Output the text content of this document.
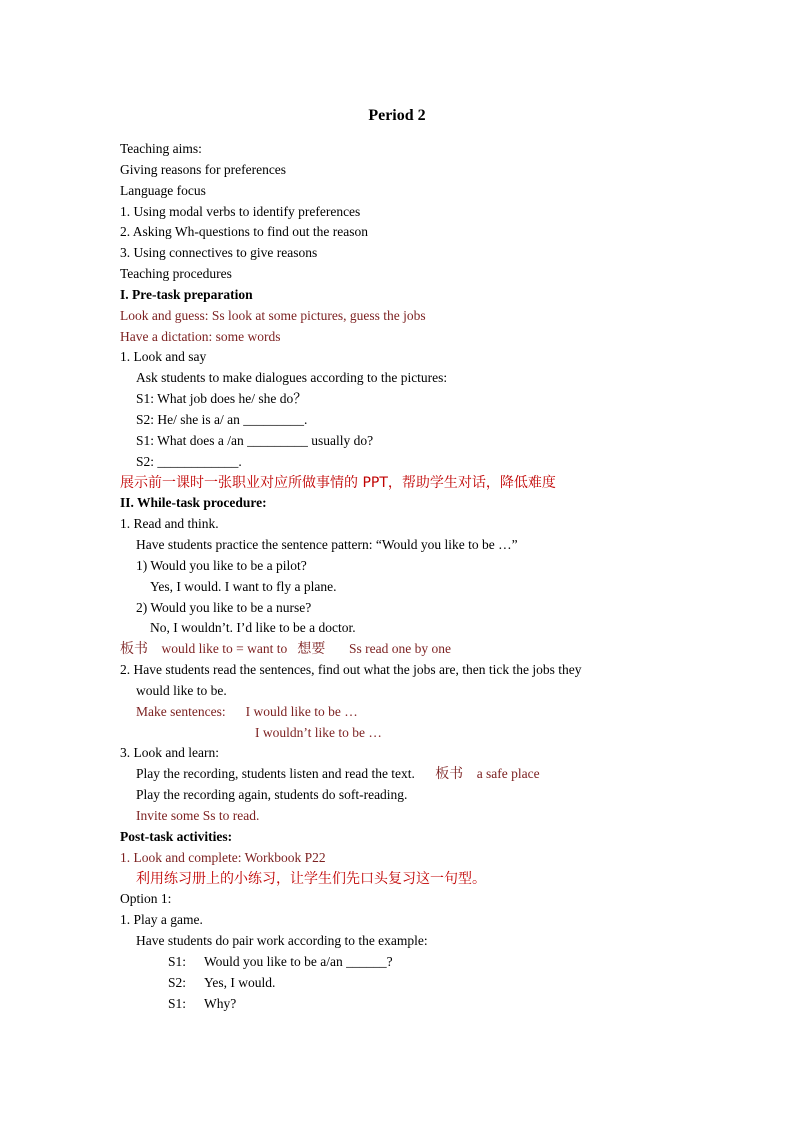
Period 2
Teaching aims:
Giving reasons for preferences
Language focus
1. Using modal verbs to identify preferences
2. Asking Wh-questions to find out the reason
3. Using connectives to give reasons
Teaching procedures
I. Pre-task preparation
Look and guess: Ss look at some pictures, guess the jobs
Have a dictation: some words
1. Look and say
Ask students to make dialogues according to the pictures:
S1: What job does he/ she do？
S2: He/ she is a/ an _________.
S1: What does a /an _________ usually do?
S2: ____________.
展示前一课时一张职业对应所做事情的 PPT，帮助学生对话，降低难度
II. While-task procedure:
1. Read and think.
Have students practice the sentence pattern: “Would you like to be …”
1) Would you like to be a pilot?
Yes, I would. I want to fly a plane.
2) Would you like to be a nurse?
No, I wouldn’t. I’d like to be a doctor.
板书 would like to = want to 想要 Ss read one by one
2. Have students read the sentences, find out what the jobs are, then tick the jobs they
would like to be.
Make sentences: I would like to be …
I wouldn’t like to be …
3. Look and learn:
Play the recording, students listen and read the text. 板书 a safe place
Play the recording again, students do soft-reading.
Invite some Ss to read.
Post-task activities:
1. Look and complete: Workbook P22
利用练习册上的小练习，让学生们先口头复习这一句型。
Option 1:
1. Play a game.
Have students do pair work according to the example:
S1: Would you like to be a/an ______?
S2: Yes, I would.
S1: Why?
